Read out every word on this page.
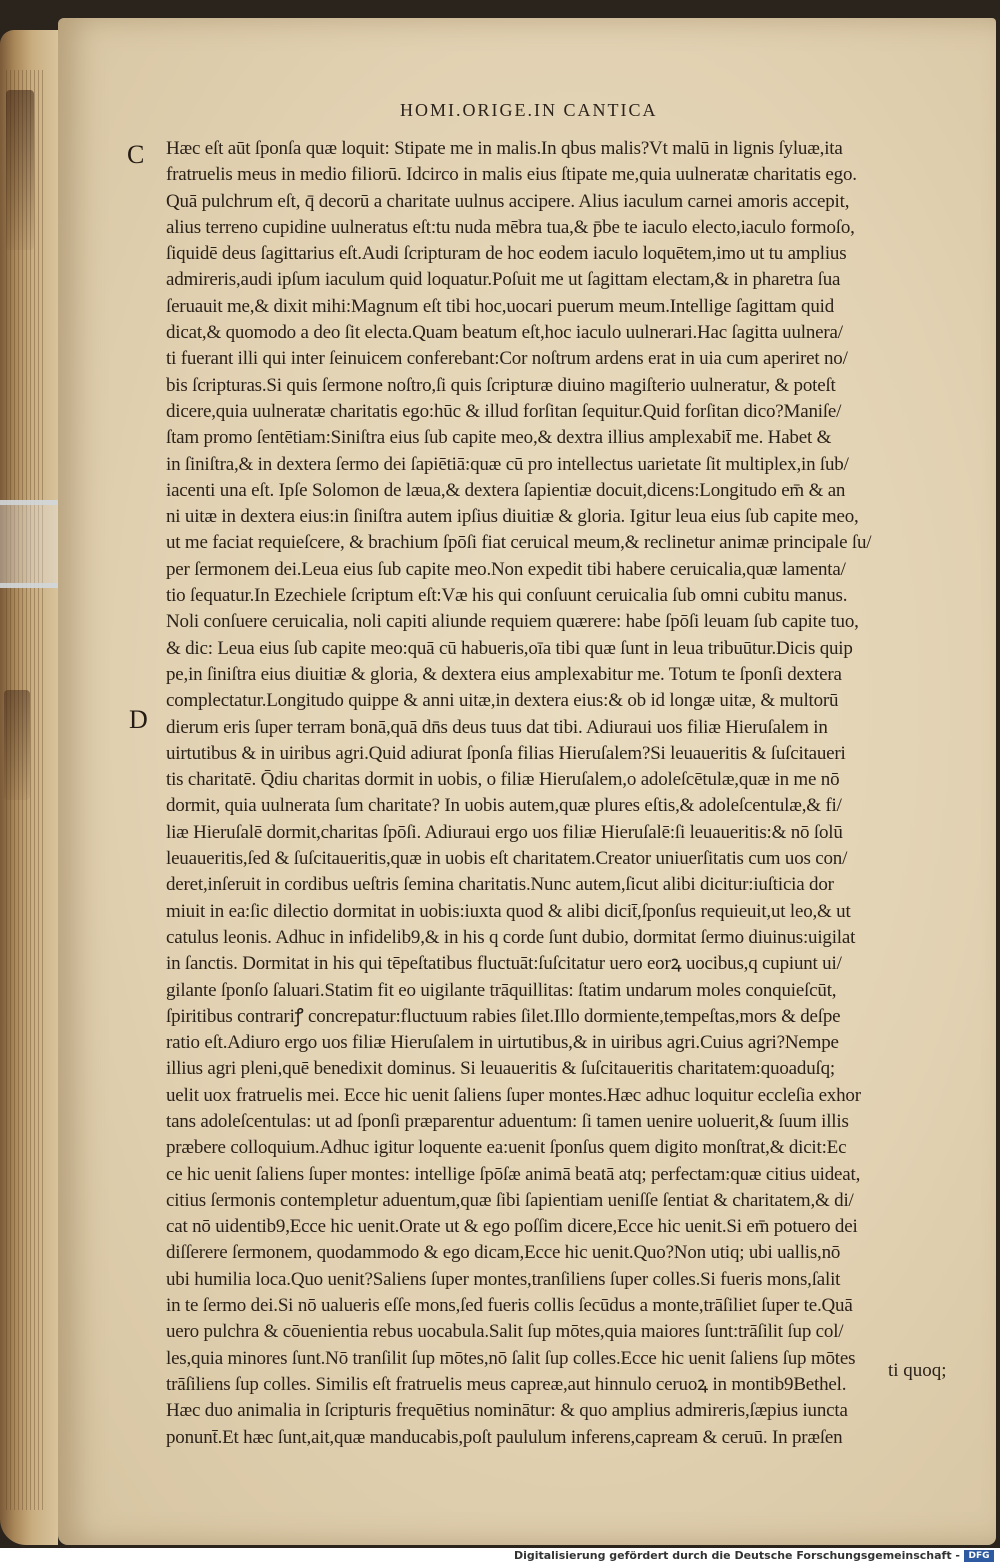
HOMI.ORIGE.IN CANTICA
C
D
Hæc eſt aūt ſponſa quæ loquit: Stipate me in malis.In qbus malis?Vt malū in lignis ſyluæ,ita
fratruelis meus in medio filiorū. Idcirco in malis eius ſtipate me,quia uulneratæ charitatis ego.
Quā pulchrum eſt, q̄ decorū a charitate uulnus accipere. Alius iaculum carnei amoris accepit,
alius terreno cupidine uulneratus eſt:tu nuda mēbra tua,& p̄be te iaculo electo,iaculo formoſo,
ſiquidē deus ſagittarius eſt.Audi ſcripturam de hoc eodem iaculo loquētem,imo ut tu amplius
admireris,audi ipſum iaculum quid loquatur.Poſuit me ut ſagittam electam,& in pharetra ſua
ſeruauit me,& dixit mihi:Magnum eſt tibi hoc,uocari puerum meum.Intellige ſagittam quid
dicat,& quomodo a deo ſit electa.Quam beatum eſt,hoc iaculo uulnerari.Hac ſagitta uulnera/
ti fuerant illi qui inter ſeinuicem conferebant:Cor noſtrum ardens erat in uia cum aperiret no/
bis ſcripturas.Si quis ſermone noſtro,ſi quis ſcripturæ diuino magiſterio uulneratur, & poteſt
dicere,quia uulneratæ charitatis ego:hūc & illud forſitan ſequitur.Quid forſitan dico?Maniſe/
ſtam promo ſentētiam:Siniſtra eius ſub capite meo,& dextra illius amplexabit̄ me. Habet &
in ſiniſtra,& in dextera ſermo dei ſapiētiā:quæ cū pro intellectus uarietate ſit multiplex,in ſub/
iacenti una eſt. Ipſe Solomon de læua,& dextera ſapientiæ docuit,dicens:Longitudo em̄ & an
ni uitæ in dextera eius:in ſiniſtra autem ipſius diuitiæ & gloria. Igitur leua eius ſub capite meo,
ut me faciat requieſcere, & brachium ſpōſi fiat ceruical meum,& reclinetur animæ principale ſu/
per ſermonem dei.Leua eius ſub capite meo.Non expedit tibi habere ceruicalia,quæ lamenta/
tio ſequatur.In Ezechiele ſcriptum eſt:Væ his qui conſuunt ceruicalia ſub omni cubitu manus.
Noli conſuere ceruicalia, noli capiti aliunde requiem quærere: habe ſpōſi leuam ſub capite tuo,
& dic: Leua eius ſub capite meo:quā cū habueris,oīa tibi quæ ſunt in leua tribuūtur.Dicis quip
pe,in ſiniſtra eius diuitiæ & gloria, & dextera eius amplexabitur me. Totum te ſponſi dextera
complectatur.Longitudo quippe & anni uitæ,in dextera eius:& ob id longæ uitæ, & multorū
dierum eris ſuper terram bonā,quā dn̄s deus tuus dat tibi. Adiuraui uos filiæ Hieruſalem in
uirtutibus & in uiribus agri.Quid adiurat ſponſa filias Hieruſalem?Si leuaueritis & ſuſcitaueri
tis charitatē. Q̄diu charitas dormit in uobis, o filiæ Hieruſalem,o adoleſcētulæ,quæ in me nō
dormit, quia uulnerata ſum charitate? In uobis autem,quæ plures eſtis,& adoleſcentulæ,& fi/
liæ Hieruſalē dormit,charitas ſpōſi. Adiuraui ergo uos filiæ Hieruſalē:ſi leuaueritis:& nō ſolū
leuaueritis,ſed & ſuſcitaueritis,quæ in uobis eſt charitatem.Creator uniuerſitatis cum uos con/
deret,inſeruit in cordibus ueſtris ſemina charitatis.Nunc autem,ſicut alibi dicitur:iuſticia dor
miuit in ea:ſic dilectio dormitat in uobis:iuxta quod & alibi dicit̄,ſponſus requieuit,ut leo,& ut
catulus leonis. Adhuc in infidelib9,& in his q corde ſunt dubio, dormitat ſermo diuinus:uigilat
in ſanctis. Dormitat in his qui tēpeſtatibus fluctuāt:ſuſcitatur uero eorꝝ uocibus,q cupiunt ui/
gilante ſponſo ſaluari.Statim fit eo uigilante trāquillitas: ſtatim undarum moles conquieſcūt,
ſpiritibus contrariꝭ concrepatur:fluctuum rabies ſilet.Illo dormiente,tempeſtas,mors & deſpe
ratio eſt.Adiuro ergo uos filiæ Hieruſalem in uirtutibus,& in uiribus agri.Cuius agri?Nempe
illius agri pleni,quē benedixit dominus. Si leuaueritis & ſuſcitaueritis charitatem:quoaduſq;
uelit uox fratruelis mei. Ecce hic uenit ſaliens ſuper montes.Hæc adhuc loquitur eccleſia exhor
tans adoleſcentulas: ut ad ſponſi præparentur aduentum: ſi tamen uenire uoluerit,& ſuum illis
præbere colloquium.Adhuc igitur loquente ea:uenit ſponſus quem digito monſtrat,& dicit:Ec
ce hic uenit ſaliens ſuper montes: intellige ſpōſæ animā beatā atq; perfectam:quæ citius uideat,
citius ſermonis contempletur aduentum,quæ ſibi ſapientiam ueniſſe ſentiat & charitatem,& di/
cat nō uidentib9,Ecce hic uenit.Orate ut & ego poſſim dicere,Ecce hic uenit.Si em̄ potuero dei
diſſerere ſermonem, quodammodo & ego dicam,Ecce hic uenit.Quo?Non utiq; ubi uallis,nō
ubi humilia loca.Quo uenit?Saliens ſuper montes,tranſiliens ſuper colles.Si fueris mons,ſalit
in te ſermo dei.Si nō ualueris eſſe mons,ſed fueris collis ſecūdus a monte,trāſiliet ſuper te.Quā
uero pulchra & cōuenientia rebus uocabula.Salit ſup mōtes,quia maiores ſunt:trāſilit ſup col/
les,quia minores ſunt.Nō tranſilit ſup mōtes,nō ſalit ſup colles.Ecce hic uenit ſaliens ſup mōtes
trāſiliens ſup colles. Similis eſt fratruelis meus capreæ,aut hinnulo ceruoꝝ in montib9Bethel.
Hæc duo animalia in ſcripturis frequētius nominātur: & quo amplius admireris,ſæpius iuncta
ponunt̄.Et hæc ſunt,ait,quæ manducabis,poſt paululum inferens,capream & ceruū. In præſen
ti quoq;
Digitalisierung gefördert durch die Deutsche Forschungsgemeinschaft - DFG
